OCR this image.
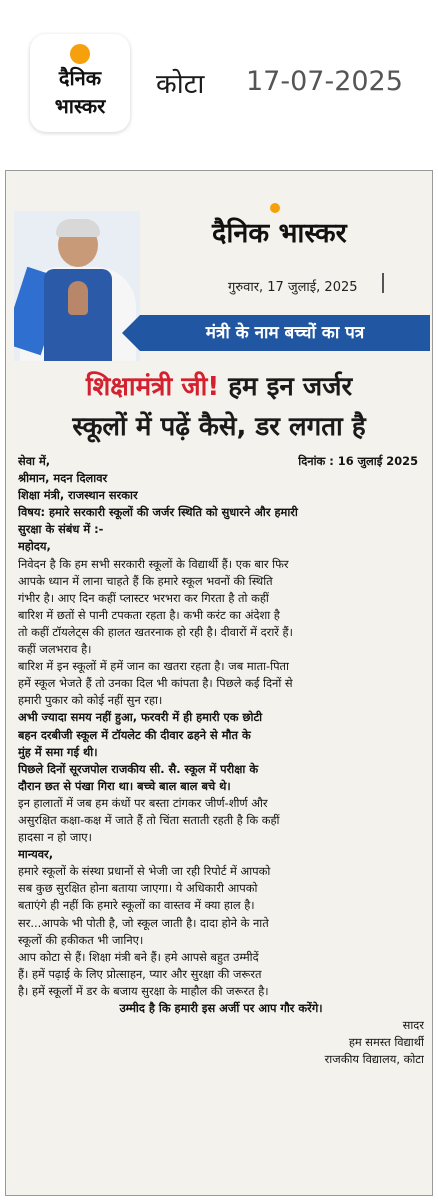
दैनिक
भास्कर
कोटा 17-07-2025
दैनिक भास्कर
गुरुवार, 17 जुलाई, 2025
मंत्री के नाम बच्चों का पत्र
शिक्षामंत्री जी! हम इन जर्जर
स्कूलों में पढ़ें कैसे, डर लगता है
सेवा में,	दिनांक : 16 जुलाई 2025
श्रीमान, मदन दिलावर
शिक्षा मंत्री, राजस्थान सरकार
विषय: हमारे सरकारी स्कूलों की जर्जर स्थिति को सुधारने और हमारी
सुरक्षा के संबंध में :-
महोदय,
निवेदन है कि हम सभी सरकारी स्कूलों के विद्यार्थी हैं। एक बार फिर
आपके ध्यान में लाना चाहते हैं कि हमारे स्कूल भवनों की स्थिति
गंभीर है। आए दिन कहीं प्लास्टर भरभरा कर गिरता है तो कहीं
बारिश में छतों से पानी टपकता रहता है। कभी करंट का अंदेशा है
तो कहीं टॉयलेट्स की हालत खतरनाक हो रही है। दीवारों में दरारें हैं।
कहीं जलभराव है।
बारिश में इन स्कूलों में हमें जान का खतरा रहता है। जब माता-पिता
हमें स्कूल भेजते हैं तो उनका दिल भी कांपता है। पिछले कई दिनों से
हमारी पुकार को कोई नहीं सुन रहा।
अभी ज्यादा समय नहीं हुआ, फरवरी में ही हमारी एक छोटी
बहन दरबीजी स्कूल में टॉयलेट की दीवार ढहने से मौत के
मुंह में समा गई थी।
पिछले दिनों सूरजपोल राजकीय सी. सै. स्कूल में परीक्षा के
दौरान छत से पंखा गिरा था। बच्चे बाल बाल बचे थे।
इन हालातों में जब हम कंधों पर बस्ता टांगकर जीर्ण-शीर्ण और
असुरक्षित कक्षा-कक्ष में जाते हैं तो चिंता सताती रहती है कि कहीं
हादसा न हो जाए।
मान्यवर,
हमारे स्कूलों के संस्था प्रधानों से भेजी जा रही रिपोर्ट में आपको
सब कुछ सुरक्षित होना बताया जाएगा। ये अधिकारी आपको
बताएंगे ही नहीं कि हमारे स्कूलों का वास्तव में क्या हाल है।
सर...आपके भी पोती है, जो स्कूल जाती है। दादा होने के नाते
स्कूलों की हकीकत भी जानिए।
आप कोटा से हैं। शिक्षा मंत्री बने हैं। हमे आपसे बहुत उम्मीदें
हैं। हमें पढ़ाई के लिए प्रोत्साहन, प्यार और सुरक्षा की जरूरत
है। हमें स्कूलों में डर के बजाय सुरक्षा के माहौल की जरूरत है।
उम्मीद है कि हमारी इस अर्जी पर आप गौर करेंगे।
सादर
हम समस्त विद्यार्थी
राजकीय विद्यालय, कोटा
